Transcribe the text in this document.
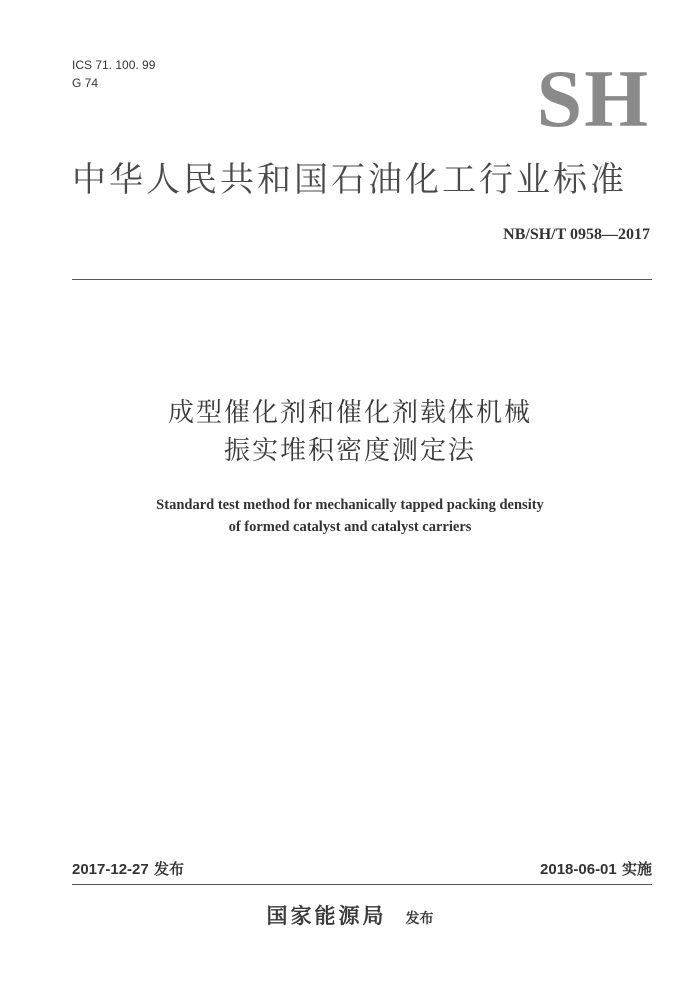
ICS 71. 100. 99
G 74	SH
中华人民共和国石油化工行业标准
NB/SH/T 0958—2017
成型催化剂和催化剂载体机械
振实堆积密度测定法
Standard test method for mechanically tapped packing density
of formed catalyst and catalyst carriers
2017-12-27 发布	2018-06-01 实施
国家能源局 发布
